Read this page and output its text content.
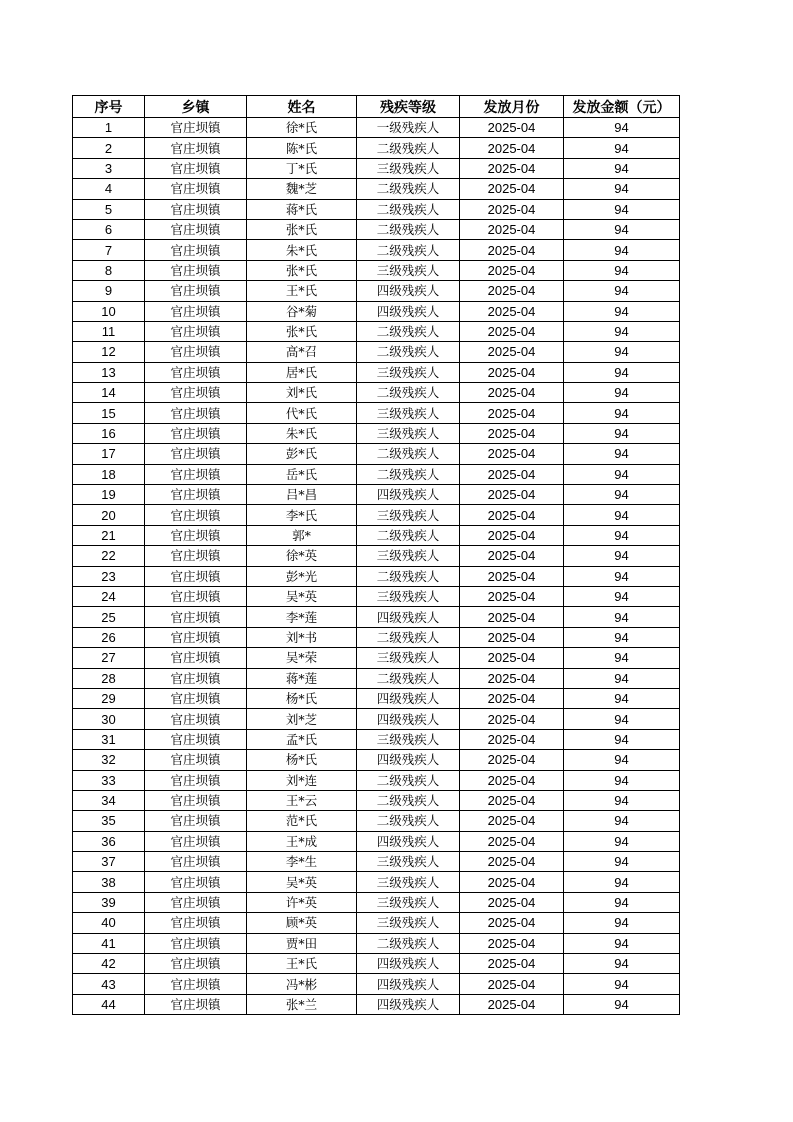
序号	乡镇	姓名	残疾等级	发放月份	发放金额（元）
1	官庄坝镇	徐*氏	一级残疾人	2025-04	94
2	官庄坝镇	陈*氏	二级残疾人	2025-04	94
3	官庄坝镇	丁*氏	三级残疾人	2025-04	94
4	官庄坝镇	魏*芝	二级残疾人	2025-04	94
5	官庄坝镇	蒋*氏	二级残疾人	2025-04	94
6	官庄坝镇	张*氏	二级残疾人	2025-04	94
7	官庄坝镇	朱*氏	二级残疾人	2025-04	94
8	官庄坝镇	张*氏	三级残疾人	2025-04	94
9	官庄坝镇	王*氏	四级残疾人	2025-04	94
10	官庄坝镇	谷*菊	四级残疾人	2025-04	94
11	官庄坝镇	张*氏	二级残疾人	2025-04	94
12	官庄坝镇	高*召	二级残疾人	2025-04	94
13	官庄坝镇	居*氏	三级残疾人	2025-04	94
14	官庄坝镇	刘*氏	二级残疾人	2025-04	94
15	官庄坝镇	代*氏	三级残疾人	2025-04	94
16	官庄坝镇	朱*氏	三级残疾人	2025-04	94
17	官庄坝镇	彭*氏	二级残疾人	2025-04	94
18	官庄坝镇	岳*氏	二级残疾人	2025-04	94
19	官庄坝镇	吕*昌	四级残疾人	2025-04	94
20	官庄坝镇	李*氏	三级残疾人	2025-04	94
21	官庄坝镇	郭*	二级残疾人	2025-04	94
22	官庄坝镇	徐*英	三级残疾人	2025-04	94
23	官庄坝镇	彭*光	二级残疾人	2025-04	94
24	官庄坝镇	吴*英	三级残疾人	2025-04	94
25	官庄坝镇	李*莲	四级残疾人	2025-04	94
26	官庄坝镇	刘*书	二级残疾人	2025-04	94
27	官庄坝镇	吴*荣	三级残疾人	2025-04	94
28	官庄坝镇	蒋*莲	二级残疾人	2025-04	94
29	官庄坝镇	杨*氏	四级残疾人	2025-04	94
30	官庄坝镇	刘*芝	四级残疾人	2025-04	94
31	官庄坝镇	孟*氏	三级残疾人	2025-04	94
32	官庄坝镇	杨*氏	四级残疾人	2025-04	94
33	官庄坝镇	刘*连	二级残疾人	2025-04	94
34	官庄坝镇	王*云	二级残疾人	2025-04	94
35	官庄坝镇	范*氏	二级残疾人	2025-04	94
36	官庄坝镇	王*成	四级残疾人	2025-04	94
37	官庄坝镇	李*生	三级残疾人	2025-04	94
38	官庄坝镇	吴*英	三级残疾人	2025-04	94
39	官庄坝镇	许*英	三级残疾人	2025-04	94
40	官庄坝镇	顾*英	三级残疾人	2025-04	94
41	官庄坝镇	贾*田	二级残疾人	2025-04	94
42	官庄坝镇	王*氏	四级残疾人	2025-04	94
43	官庄坝镇	冯*彬	四级残疾人	2025-04	94
44	官庄坝镇	张*兰	四级残疾人	2025-04	94
